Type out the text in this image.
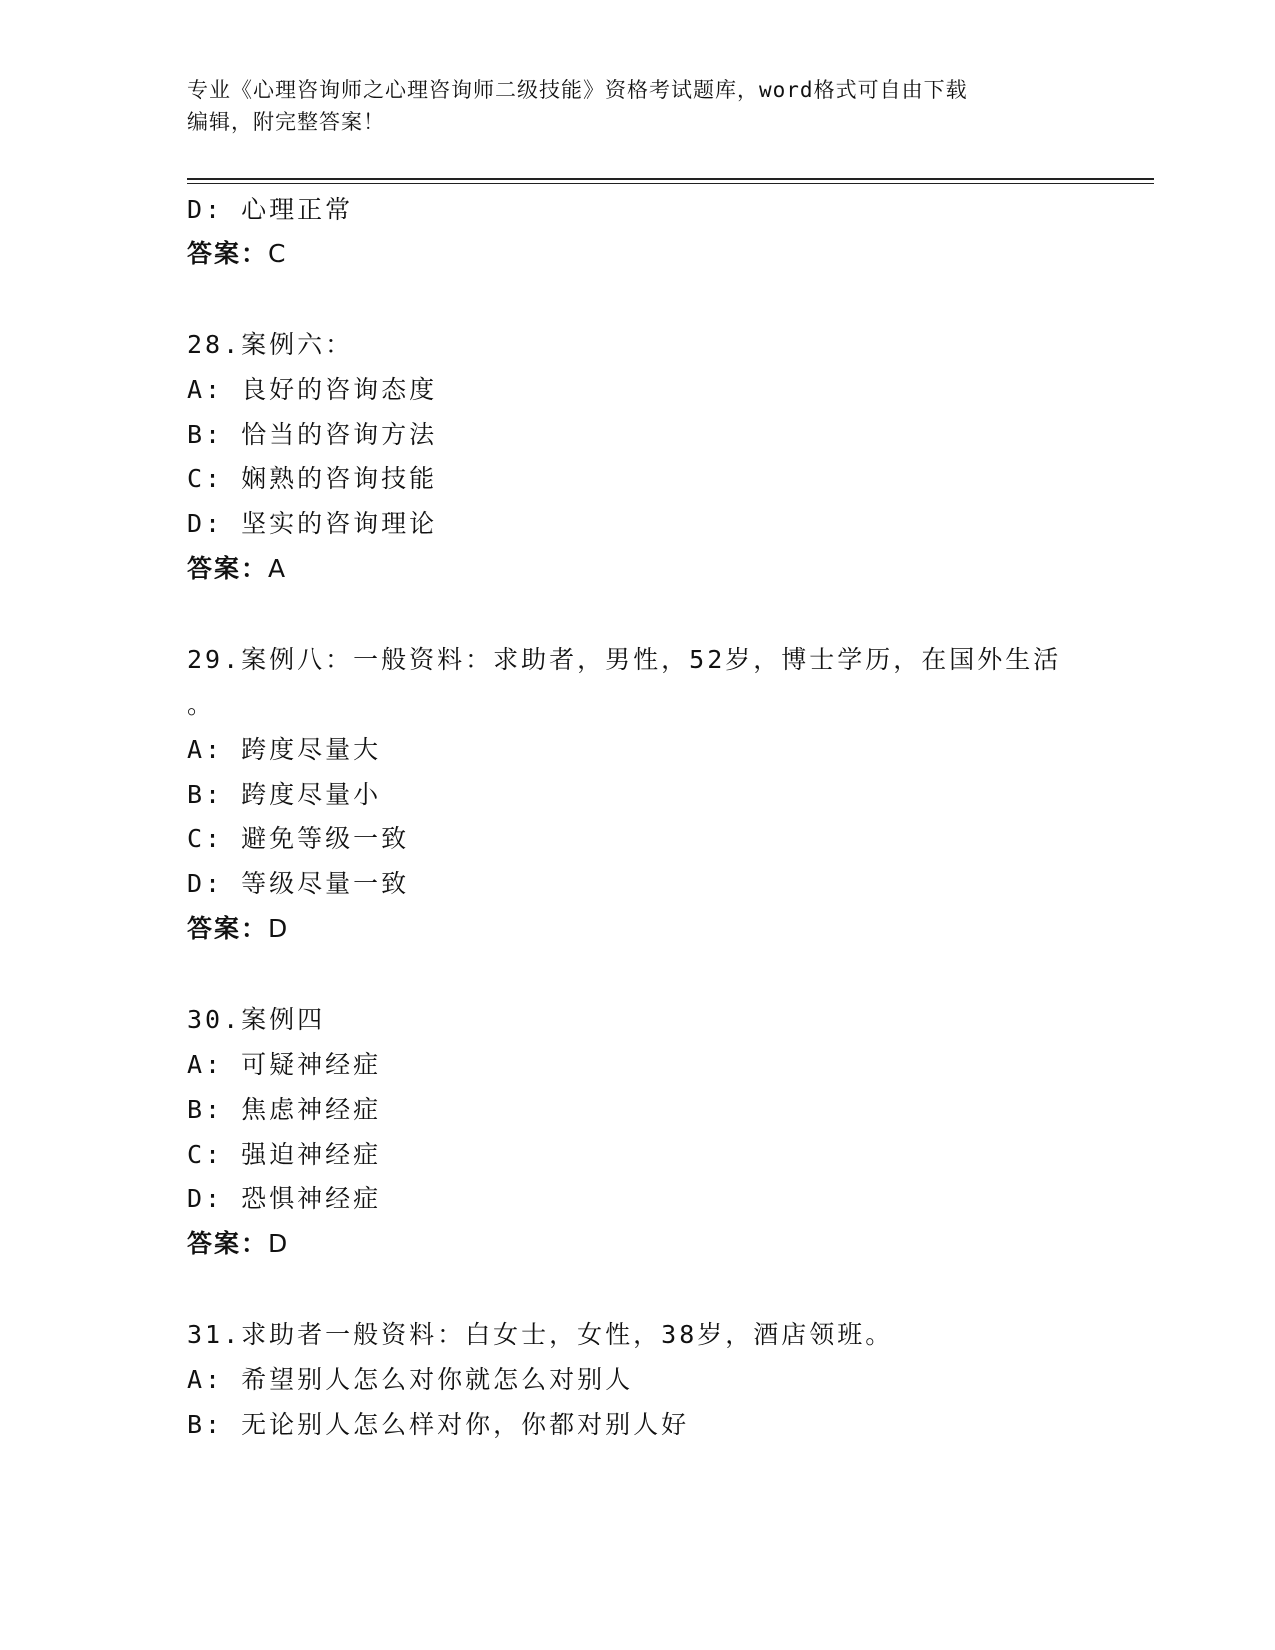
专业《心理咨询师之心理咨询师二级技能》资格考试题库，word格式可自由下载
编辑，附完整答案！
D: 心理正常
答案：C
28.案例六：
A: 良好的咨询态度
B: 恰当的咨询方法
C: 娴熟的咨询技能
D: 坚实的咨询理论
答案：A
29.案例八：一般资料：求助者，男性，52岁，博士学历，在国外生活
。
A: 跨度尽量大
B: 跨度尽量小
C: 避免等级一致
D: 等级尽量一致
答案：D
30.案例四
A: 可疑神经症
B: 焦虑神经症
C: 强迫神经症
D: 恐惧神经症
答案：D
31.求助者一般资料：白女士，女性，38岁，酒店领班。
A: 希望别人怎么对你就怎么对别人
B: 无论别人怎么样对你，你都对别人好
